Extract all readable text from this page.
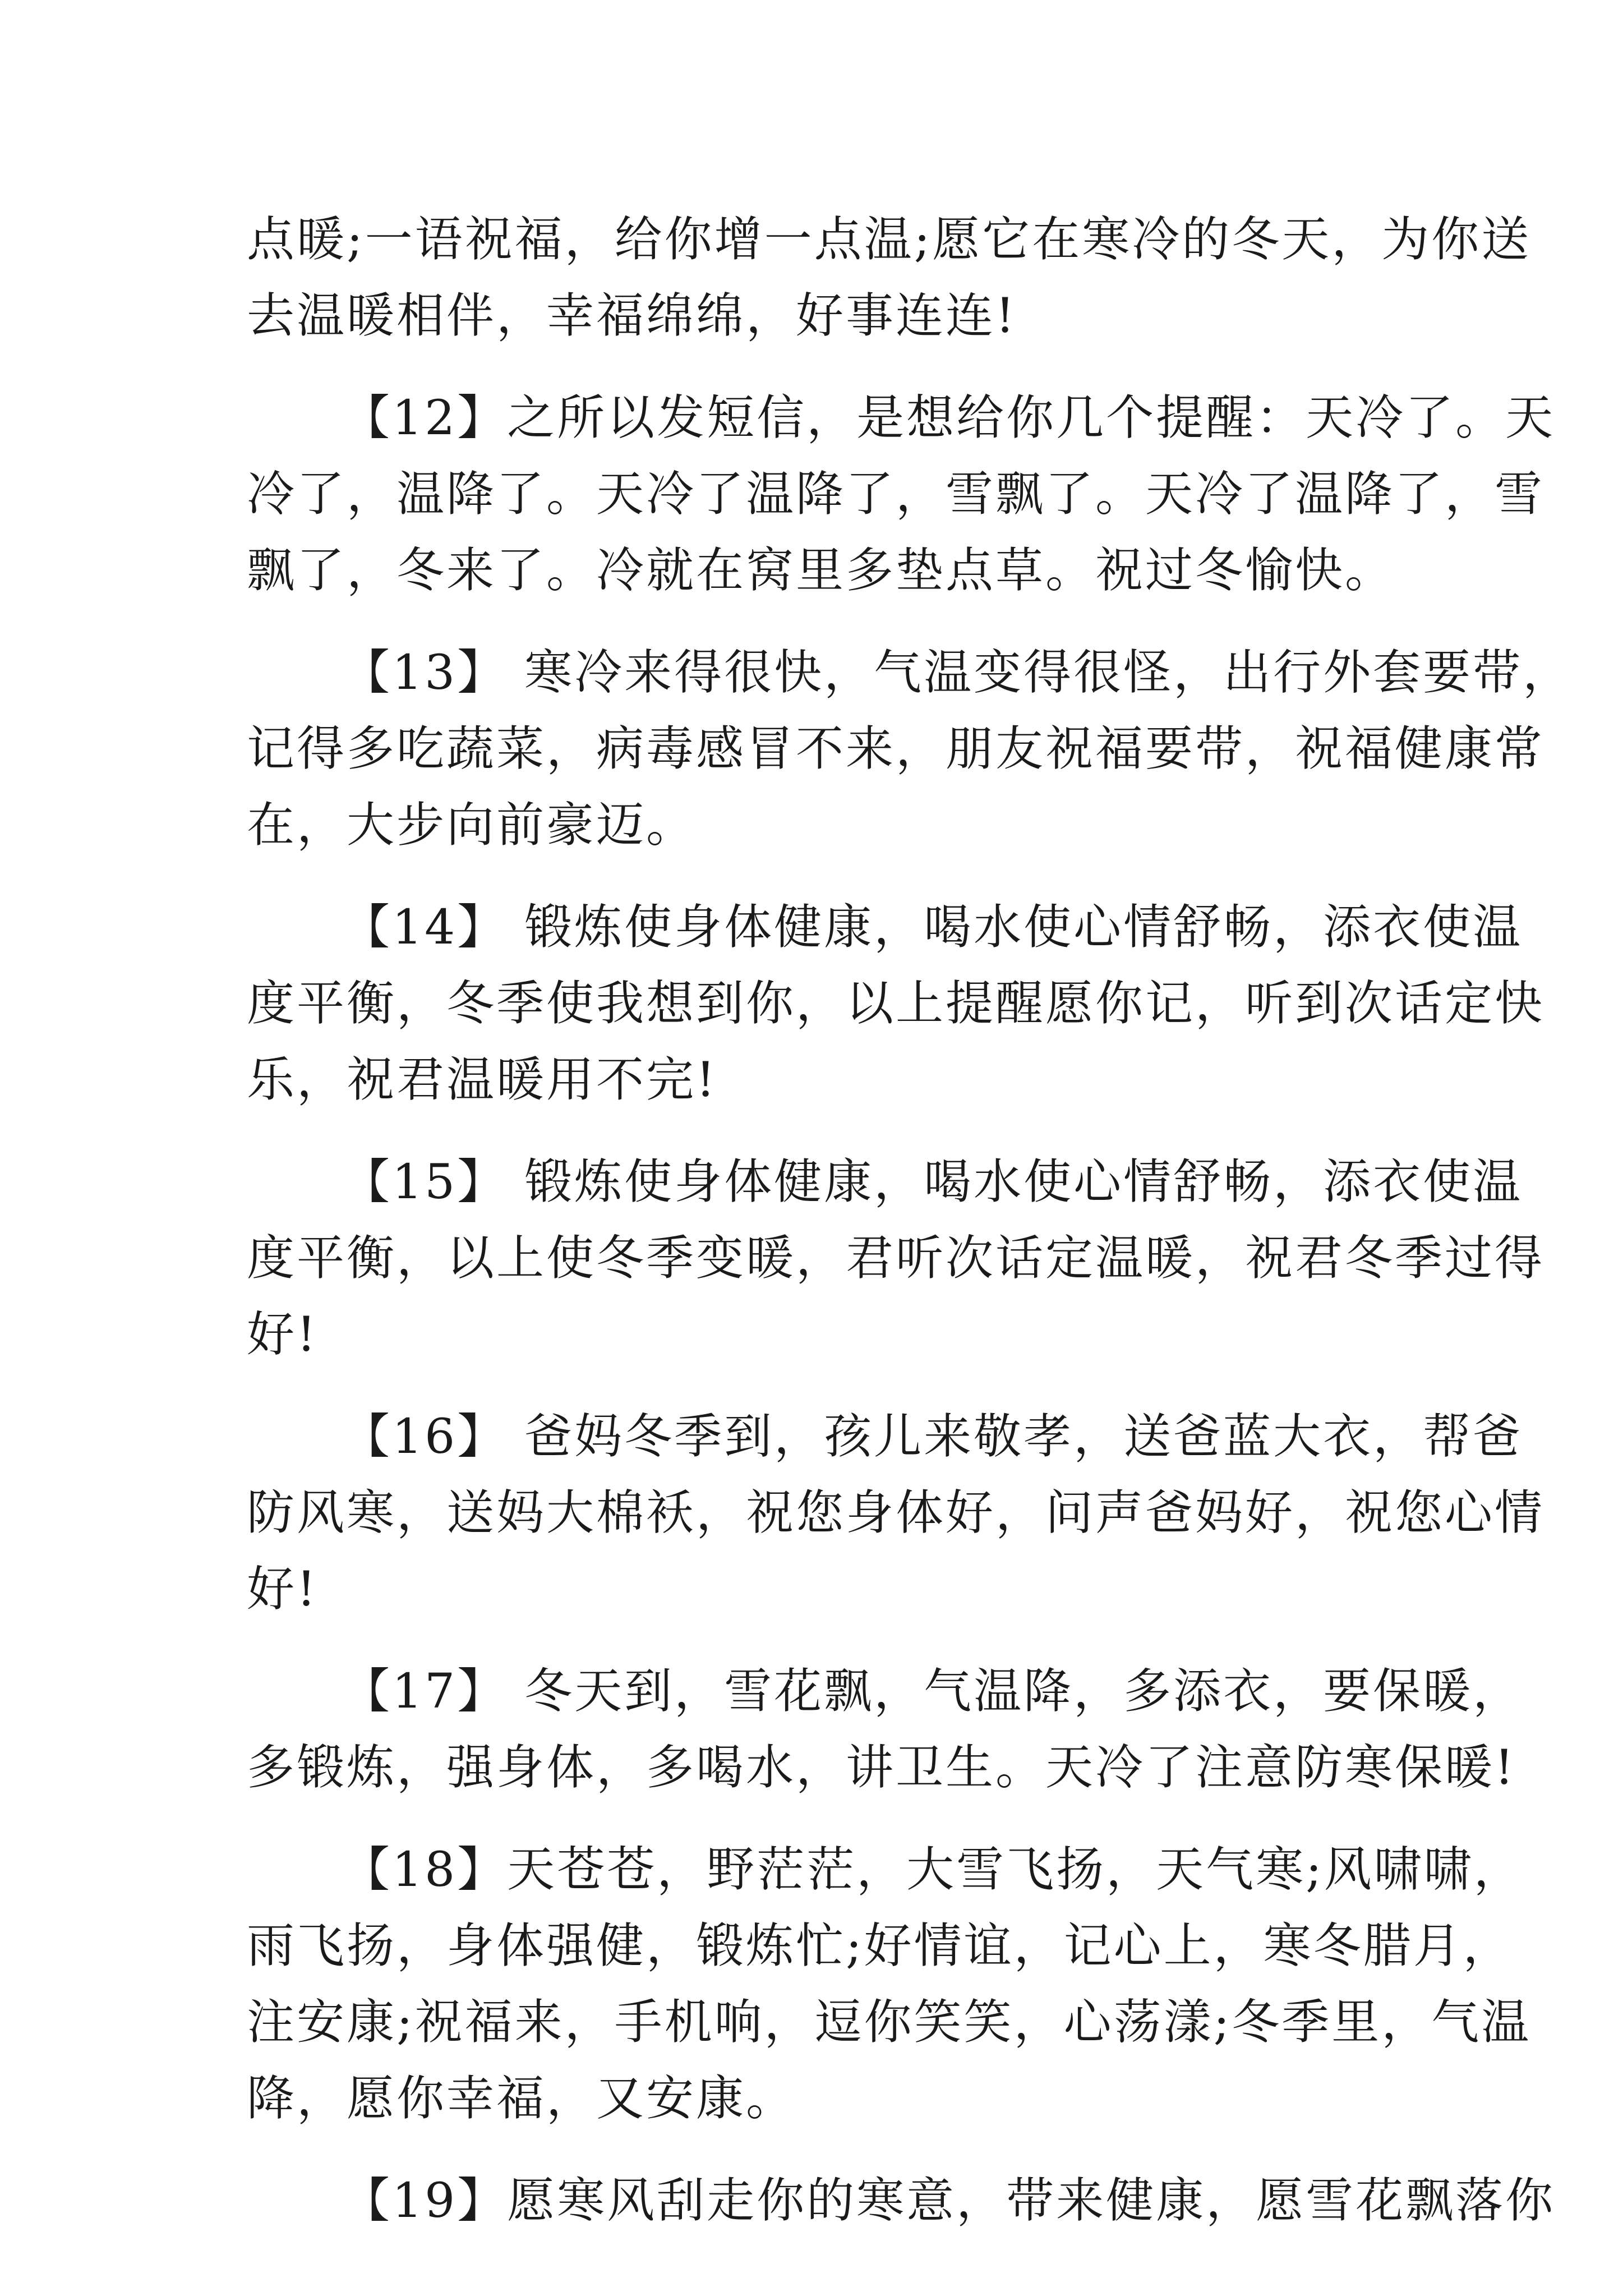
点暖;一语祝福，给你增一点温;愿它在寒冷的冬天，为你送
去温暖相伴，幸福绵绵，好事连连!
【12】之所以发短信，是想给你几个提醒：天冷了。天
冷了，温降了。天冷了温降了，雪飘了。天冷了温降了，雪
飘了，冬来了。冷就在窝里多垫点草。祝过冬愉快。
【13】 寒冷来得很快，气温变得很怪，出行外套要带，
记得多吃蔬菜，病毒感冒不来，朋友祝福要带，祝福健康常
在，大步向前豪迈。
【14】 锻炼使身体健康，喝水使心情舒畅，添衣使温
度平衡，冬季使我想到你，以上提醒愿你记，听到次话定快
乐，祝君温暖用不完!
【15】 锻炼使身体健康，喝水使心情舒畅，添衣使温
度平衡，以上使冬季变暖，君听次话定温暖，祝君冬季过得
好!
【16】 爸妈冬季到，孩儿来敬孝，送爸蓝大衣，帮爸
防风寒，送妈大棉袄，祝您身体好，问声爸妈好，祝您心情
好!
【17】 冬天到，雪花飘，气温降，多添衣，要保暖，
多锻炼，强身体，多喝水，讲卫生。天冷了注意防寒保暖!
【18】天苍苍，野茫茫，大雪飞扬，天气寒;风啸啸，
雨飞扬，身体强健，锻炼忙;好情谊，记心上，寒冬腊月，
注安康;祝福来，手机响，逗你笑笑，心荡漾;冬季里，气温
降，愿你幸福，又安康。
【19】愿寒风刮走你的寒意，带来健康，愿雪花飘落你
